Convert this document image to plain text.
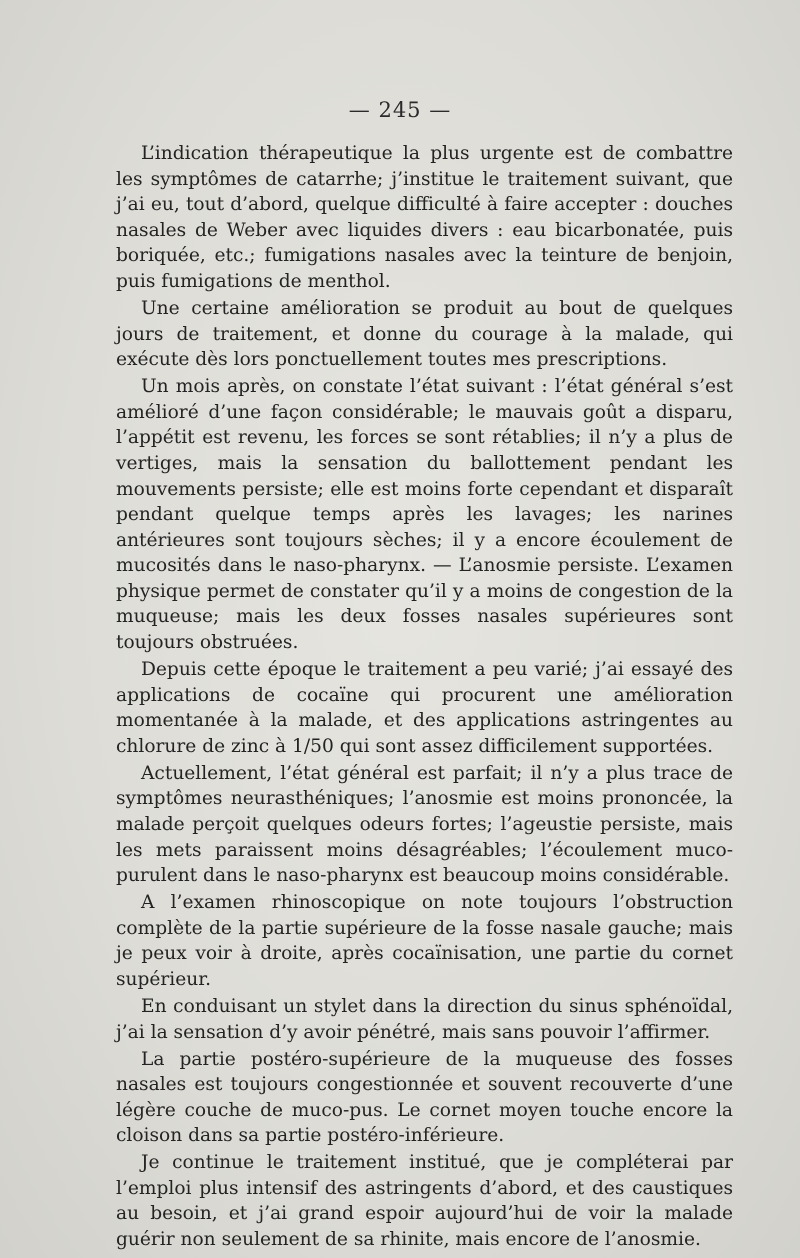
— 245 —

L’indication thérapeutique la plus urgente est de combattre les symptômes de catarrhe; j’institue le traitement suivant, que j’ai eu, tout d’abord, quelque difficulté à faire accepter : douches nasales de Weber avec liquides divers : eau bicarbonatée, puis boriquée, etc.; fumigations nasales avec la teinture de benjoin, puis fumigations de menthol.

Une certaine amélioration se produit au bout de quelques jours de traitement, et donne du courage à la malade, qui exécute dès lors ponctuellement toutes mes prescriptions.

Un mois après, on constate l’état suivant : l’état général s’est amélioré d’une façon considérable; le mauvais goût a disparu, l’appétit est revenu, les forces se sont rétablies; il n’y a plus de vertiges, mais la sensation du ballottement pendant les mouvements persiste; elle est moins forte cependant et disparaît pendant quelque temps après les lavages; les narines antérieures sont toujours sèches; il y a encore écoulement de mucosités dans le naso-pharynx. — L’anosmie persiste. L’examen physique permet de constater qu’il y a moins de congestion de la muqueuse; mais les deux fosses nasales supérieures sont toujours obstruées.

Depuis cette époque le traitement a peu varié; j’ai essayé des applications de cocaïne qui procurent une amélioration momentanée à la malade, et des applications astringentes au chlorure de zinc à 1/50 qui sont assez difficilement supportées.

Actuellement, l’état général est parfait; il n’y a plus trace de symptômes neurasthéniques; l’anosmie est moins prononcée, la malade perçoit quelques odeurs fortes; l’ageustie persiste, mais les mets paraissent moins désagréables; l’écoulement muco-purulent dans le naso-pharynx est beaucoup moins considérable.

A l’examen rhinoscopique on note toujours l’obstruction complète de la partie supérieure de la fosse nasale gauche; mais je peux voir à droite, après cocaïnisation, une partie du cornet supérieur.

En conduisant un stylet dans la direction du sinus sphénoïdal, j’ai la sensation d’y avoir pénétré, mais sans pouvoir l’affirmer.

La partie postéro-supérieure de la muqueuse des fosses nasales est toujours congestionnée et souvent recouverte d’une légère couche de muco-pus. Le cornet moyen touche encore la cloison dans sa partie postéro-inférieure.

Je continue le traitement institué, que je compléterai par l’emploi plus intensif des astringents d’abord, et des caustiques au besoin, et j’ai grand espoir aujourd’hui de voir la malade guérir non seulement de sa rhinite, mais encore de l’anosmie.
